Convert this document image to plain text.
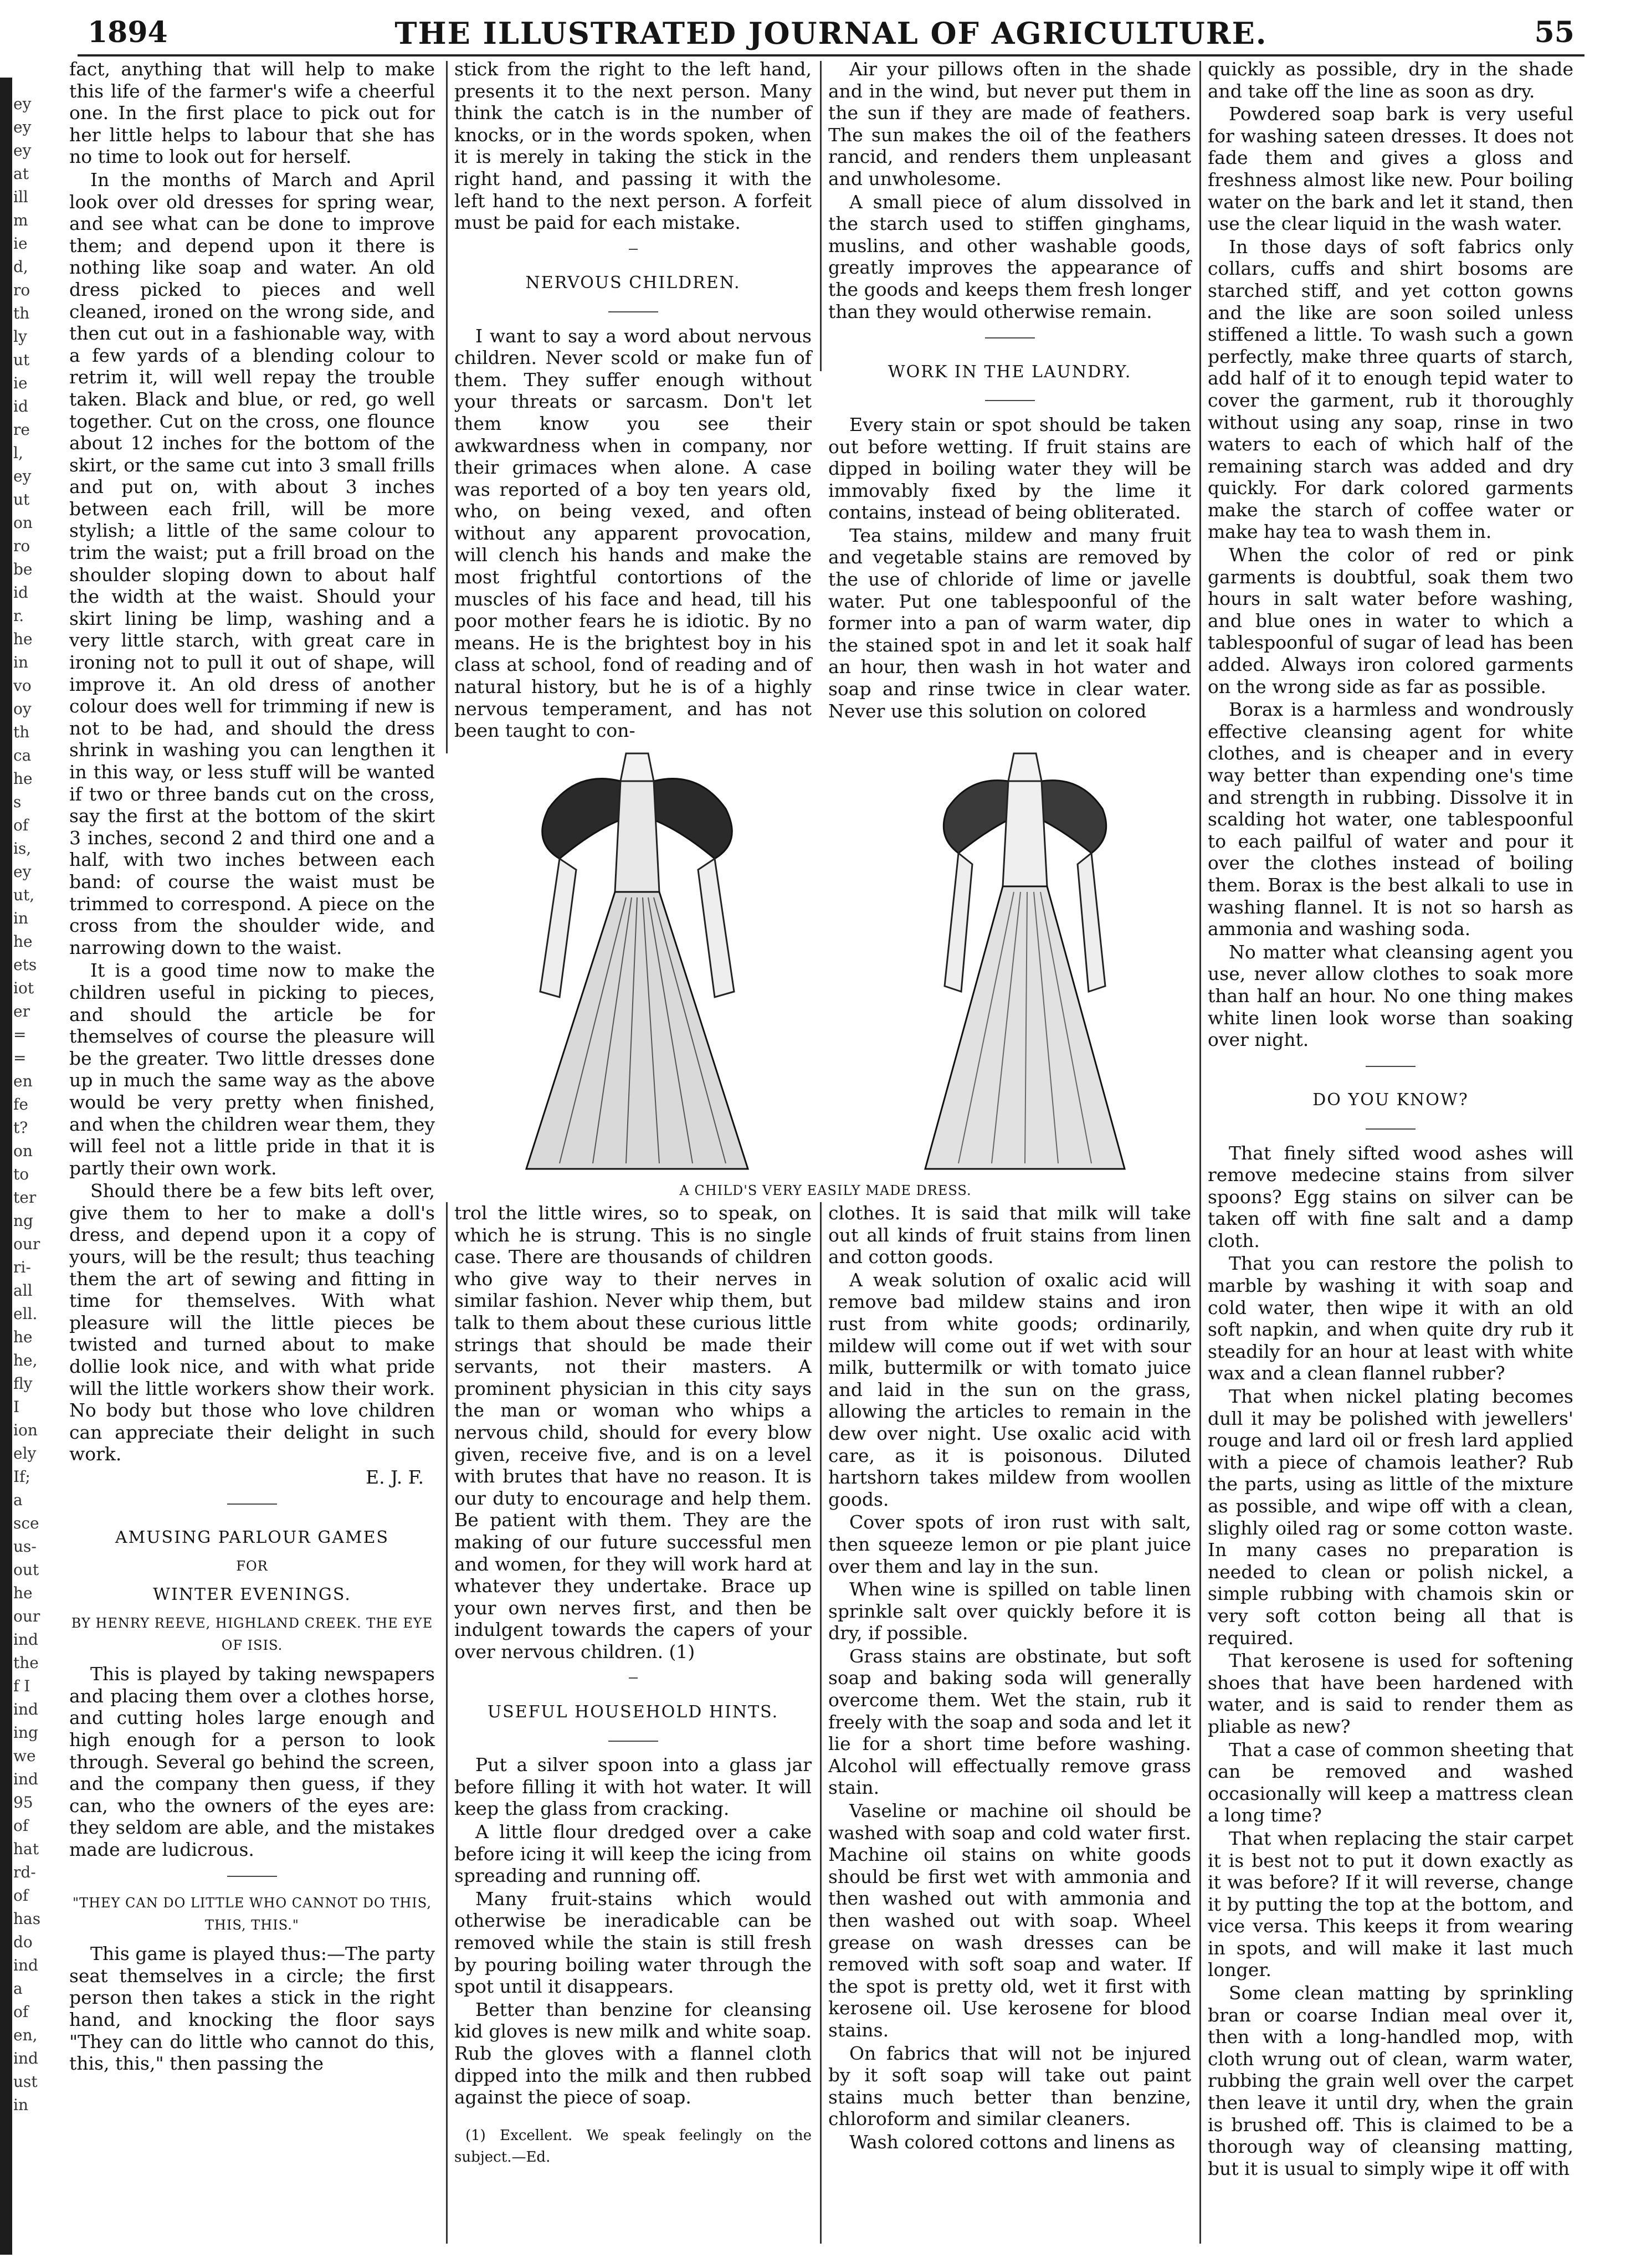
ey
ey
ey
at
ill
m
ie
d,
ro
th
ly
ut
ie
id
re
l,
ey
ut
on
ro
be
id
r.
he
in
vo
oy
th
ca
he
s
of
is,
ey
ut,
in
he
ets
iot
er
=
=
en
fe
t?
on
to
ter
ng
our
ri-
all
ell.
he
he,
fly
I
ion
ely
If;
a
sce
us-
out
he
our
ind
the
f I
ind
ing
we
ind
95
of
hat
rd-
of
has
do
ind
a
of
en,
ind
ust
in
1894	THE ILLUSTRATED JOURNAL OF AGRICULTURE.	55

fact, anything that will help to make this life of the farmer's wife a cheerful one. In the first place to pick out for her little helps to labour that she has no time to look out for herself.

In the months of March and April look over old dresses for spring wear, and see what can be done to improve them; and depend upon it there is nothing like soap and water. An old dress picked to pieces and well cleaned, ironed on the wrong side, and then cut out in a fashionable way, with a few yards of a blending colour to retrim it, will well repay the trouble taken. Black and blue, or red, go well together. Cut on the cross, one flounce about 12 inches for the bottom of the skirt, or the same cut into 3 small frills and put on, with about 3 inches between each frill, will be more stylish; a little of the same colour to trim the waist; put a frill broad on the shoulder sloping down to about half the width at the waist. Should your skirt lining be limp, washing and a very little starch, with great care in ironing not to pull it out of shape, will improve it. An old dress of another colour does well for trimming if new is not to be had, and should the dress shrink in washing you can lengthen it in this way, or less stuff will be wanted if two or three bands cut on the cross, say the first at the bottom of the skirt 3 inches, second 2 and third one and a half, with two inches between each band: of course the waist must be trimmed to correspond. A piece on the cross from the shoulder wide, and narrowing down to the waist.

It is a good time now to make the children useful in picking to pieces, and should the article be for themselves of course the pleasure will be the greater. Two little dresses done up in much the same way as the above would be very pretty when finished, and when the children wear them, they will feel not a little pride in that it is partly their own work.

Should there be a few bits left over, give them to her to make a doll's dress, and depend upon it a copy of yours, will be the result; thus teaching them the art of sewing and fitting in time for themselves. With what pleasure will the little pieces be twisted and turned about to make dollie look nice, and with what pride will the little workers show their work. No body but those who love children can appreciate their delight in such work.

E. J. F.

AMUSING PARLOUR GAMES

FOR

WINTER EVENINGS.

BY HENRY REEVE, HIGHLAND CREEK. THE EYE OF ISIS.

This is played by taking newspapers and placing them over a clothes horse, and cutting holes large enough and high enough for a person to look through. Several go behind the screen, and the company then guess, if they can, who the owners of the eyes are: they seldom are able, and the mistakes made are ludicrous.

"THEY CAN DO LITTLE WHO CANNOT DO THIS, THIS, THIS."

This game is played thus:—The party seat themselves in a circle; the first person then takes a stick in the right hand, and knocking the floor says "They can do little who cannot do this, this, this," then passing the

stick from the right to the left hand, presents it to the next person. Many think the catch is in the number of knocks, or in the words spoken, when it is merely in taking the stick in the right hand, and passing it with the left hand to the next person. A forfeit must be paid for each mistake.

NERVOUS CHILDREN.

I want to say a word about nervous children. Never scold or make fun of them. They suffer enough without your threats or sarcasm. Don't let them know you see their awkwardness when in company, nor their grimaces when alone. A case was reported of a boy ten years old, who, on being vexed, and often without any apparent provocation, will clench his hands and make the most frightful contortions of the muscles of his face and head, till his poor mother fears he is idiotic. By no means. He is the brightest boy in his class at school, fond of reading and of natural history, but he is of a highly nervous temperament, and has not been taught to con-

Air your pillows often in the shade and in the wind, but never put them in the sun if they are made of feathers. The sun makes the oil of the feathers rancid, and renders them unpleasant and unwholesome.

A small piece of alum dissolved in the starch used to stiffen ginghams, muslins, and other washable goods, greatly improves the appearance of the goods and keeps them fresh longer than they would otherwise remain.

WORK IN THE LAUNDRY.

Every stain or spot should be taken out before wetting. If fruit stains are dipped in boiling water they will be immovably fixed by the lime it contains, instead of being obliterated.

Tea stains, mildew and many fruit and vegetable stains are removed by the use of chloride of lime or javelle water. Put one tablespoonful of the former into a pan of warm water, dip the stained spot in and let it soak half an hour, then wash in hot water and soap and rinse twice in clear water. Never use this solution on colored

A CHILD'S VERY EASILY MADE DRESS.

trol the little wires, so to speak, on which he is strung. This is no single case. There are thousands of children who give way to their nerves in similar fashion. Never whip them, but talk to them about these curious little strings that should be made their servants, not their masters. A prominent physician in this city says the man or woman who whips a nervous child, should for every blow given, receive five, and is on a level with brutes that have no reason. It is our duty to encourage and help them. Be patient with them. They are the making of our future successful men and women, for they will work hard at whatever they undertake. Brace up your own nerves first, and then be indulgent towards the capers of your over nervous children. (1)

USEFUL HOUSEHOLD HINTS.

Put a silver spoon into a glass jar before filling it with hot water. It will keep the glass from cracking.

A little flour dredged over a cake before icing it will keep the icing from spreading and running off.

Many fruit-stains which would otherwise be ineradicable can be removed while the stain is still fresh by pouring boiling water through the spot until it disappears.

Better than benzine for cleansing kid gloves is new milk and white soap. Rub the gloves with a flannel cloth dipped into the milk and then rubbed against the piece of soap.

(1) Excellent. We speak feelingly on the subject.—Ed.

clothes. It is said that milk will take out all kinds of fruit stains from linen and cotton goods.

A weak solution of oxalic acid will remove bad mildew stains and iron rust from white goods; ordinarily, mildew will come out if wet with sour milk, buttermilk or with tomato juice and laid in the sun on the grass, allowing the articles to remain in the dew over night. Use oxalic acid with care, as it is poisonous. Diluted hartshorn takes mildew from woollen goods.

Cover spots of iron rust with salt, then squeeze lemon or pie plant juice over them and lay in the sun.

When wine is spilled on table linen sprinkle salt over quickly before it is dry, if possible.

Grass stains are obstinate, but soft soap and baking soda will generally overcome them. Wet the stain, rub it freely with the soap and soda and let it lie for a short time before washing. Alcohol will effectually remove grass stain.

Vaseline or machine oil should be washed with soap and cold water first. Machine oil stains on white goods should be first wet with ammonia and then washed out with ammonia and then washed out with soap. Wheel grease on wash dresses can be removed with soft soap and water. If the spot is pretty old, wet it first with kerosene oil. Use kerosene for blood stains.

On fabrics that will not be injured by it soft soap will take out paint stains much better than benzine, chloroform and similar cleaners.

Wash colored cottons and linens as

quickly as possible, dry in the shade and take off the line as soon as dry.

Powdered soap bark is very useful for washing sateen dresses. It does not fade them and gives a gloss and freshness almost like new. Pour boiling water on the bark and let it stand, then use the clear liquid in the wash water.

In those days of soft fabrics only collars, cuffs and shirt bosoms are starched stiff, and yet cotton gowns and the like are soon soiled unless stiffened a little. To wash such a gown perfectly, make three quarts of starch, add half of it to enough tepid water to cover the garment, rub it thoroughly without using any soap, rinse in two waters to each of which half of the remaining starch was added and dry quickly. For dark colored garments make the starch of coffee water or make hay tea to wash them in.

When the color of red or pink garments is doubtful, soak them two hours in salt water before washing, and blue ones in water to which a tablespoonful of sugar of lead has been added. Always iron colored garments on the wrong side as far as possible.

Borax is a harmless and wondrously effective cleansing agent for white clothes, and is cheaper and in every way better than expending one's time and strength in rubbing. Dissolve it in scalding hot water, one tablespoonful to each pailful of water and pour it over the clothes instead of boiling them. Borax is the best alkali to use in washing flannel. It is not so harsh as ammonia and washing soda.

No matter what cleansing agent you use, never allow clothes to soak more than half an hour. No one thing makes white linen look worse than soaking over night.

DO YOU KNOW?

That finely sifted wood ashes will remove medecine stains from silver spoons? Egg stains on silver can be taken off with fine salt and a damp cloth.

That you can restore the polish to marble by washing it with soap and cold water, then wipe it with an old soft napkin, and when quite dry rub it steadily for an hour at least with white wax and a clean flannel rubber?

That when nickel plating becomes dull it may be polished with jewellers' rouge and lard oil or fresh lard applied with a piece of chamois leather? Rub the parts, using as little of the mixture as possible, and wipe off with a clean, slighly oiled rag or some cotton waste. In many cases no preparation is needed to clean or polish nickel, a simple rubbing with chamois skin or very soft cotton being all that is required.

That kerosene is used for softening shoes that have been hardened with water, and is said to render them as pliable as new?

That a case of common sheeting that can be removed and washed occasionally will keep a mattress clean a long time?

That when replacing the stair carpet it is best not to put it down exactly as it was before? If it will reverse, change it by putting the top at the bottom, and vice versa. This keeps it from wearing in spots, and will make it last much longer.

Some clean matting by sprinkling bran or coarse Indian meal over it, then with a long-handled mop, with cloth wrung out of clean, warm water, rubbing the grain well over the carpet then leave it until dry, when the grain is brushed off. This is claimed to be a thorough way of cleansing matting, but it is usual to simply wipe it off with
